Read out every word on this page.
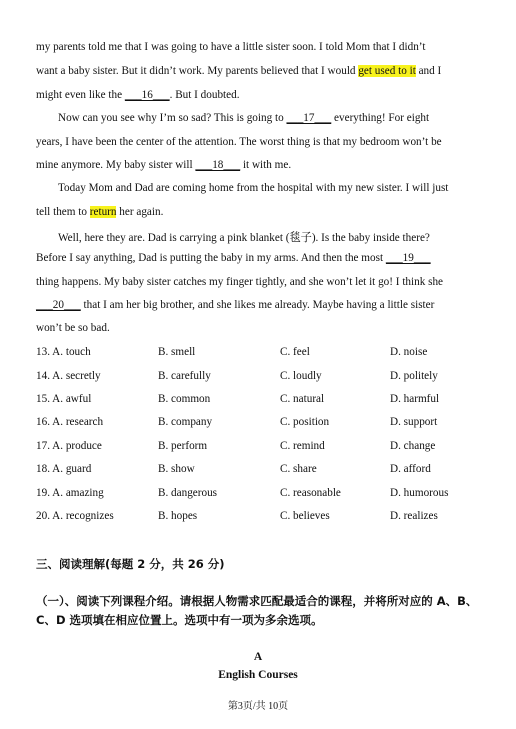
my parents told me that I was going to have a little sister soon. I told Mom that I didn’t
want a baby sister. But it didn’t work. My parents believed that I would get used to it and I
might even like the ___16___. But I doubted.
Now can you see why I’m so sad? This is going to ___17___ everything! For eight
years, I have been the center of the attention. The worst thing is that my bedroom won’t be
mine anymore. My baby sister will ___18___ it with me.
Today Mom and Dad are coming home from the hospital with my new sister. I will just
tell them to return her again.
Well, here they are. Dad is carrying a pink blanket (毯子). Is the baby inside there?
Before I say anything, Dad is putting the baby in my arms. And then the most ___19___
thing happens. My baby sister catches my finger tightly, and she won’t let it go! I think she
___20___ that I am her big brother, and she likes me already. Maybe having a little sister
won’t be so bad.
13. A. touch	B. smell	C. feel	D. noise
14. A. secretly	B. carefully	C. loudly	D. politely
15. A. awful	B. common	C. natural	D. harmful
16. A. research	B. company	C. position	D. support
17. A. produce	B. perform	C. remind	D. change
18. A. guard	B. show	C. share	D. afford
19. A. amazing	B. dangerous	C. reasonable	D. humorous
20. A. recognizes	B. hopes	C. believes	D. realizes
三、阅读理解(每题 2 分，共 26 分)
（一）、阅读下列课程介绍。请根据人物需求匹配最适合的课程，并将所对应的 A、B、
C、D 选项填在相应位置上。选项中有一项为多余选项。
A
English Courses
第3页/共 10页
